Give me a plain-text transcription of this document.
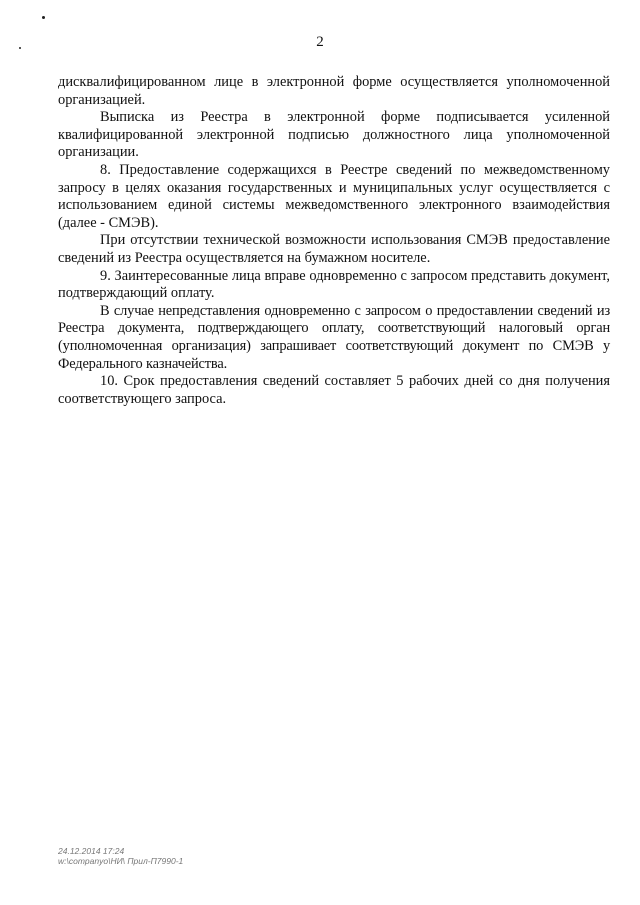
2

дисквалифицированном лице в электронной форме осуществляется уполномоченной организацией.

Выписка из Реестра в электронной форме подписывается усиленной квалифицированной электронной подписью должностного лица уполномоченной организации.

8. Предоставление содержащихся в Реестре сведений по межведомственному запросу в целях оказания государственных и муниципальных услуг осуществляется с использованием единой системы межведомственного электронного взаимодействия (далее - СМЭВ).

При отсутствии технической возможности использования СМЭВ предоставление сведений из Реестра осуществляется на бумажном носителе.

9. Заинтересованные лица вправе одновременно с запросом представить документ, подтверждающий оплату.

В случае непредставления одновременно с запросом о предоставлении сведений из Реестра документа, подтверждающего оплату, соответствующий налоговый орган (уполномоченная организация) запрашивает соответствующий документ по СМЭВ у Федерального казначейства.

10. Срок предоставления сведений составляет 5 рабочих дней со дня получения соответствующего запроса.

24.12.2014 17:24
w:\companyo\НИ\ Прил-П7990-1
